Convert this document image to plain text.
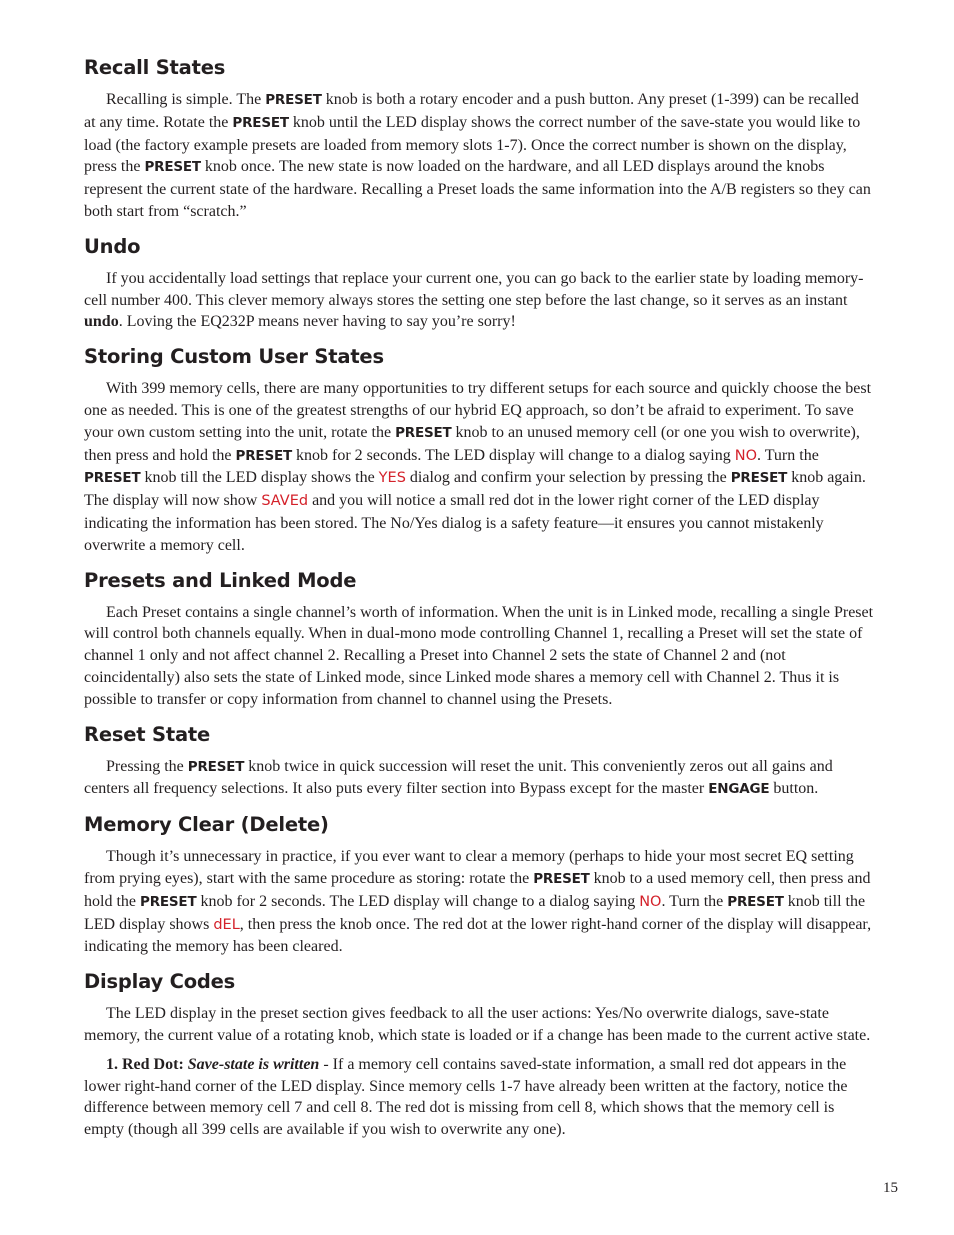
Recall States

Recalling is simple. The PRESET knob is both a rotary encoder and a push button. Any preset (1-399) can be recalled at any time. Rotate the PRESET knob until the LED display shows the correct number of the save-state you would like to load (the factory example presets are loaded from memory slots 1-7). Once the correct number is shown on the display, press the PRESET knob once. The new state is now loaded on the hardware, and all LED displays around the knobs represent the current state of the hardware. Recalling a Preset loads the same information into the A/B registers so they can both start from “scratch.”

Undo

If you accidentally load settings that replace your current one, you can go back to the earlier state by loading memory-cell number 400. This clever memory always stores the setting one step before the last change, so it serves as an instant undo. Loving the EQ232P means never having to say you’re sorry!

Storing Custom User States

With 399 memory cells, there are many opportunities to try different setups for each source and quickly choose the best one as needed. This is one of the greatest strengths of our hybrid EQ approach, so don’t be afraid to experiment. To save your own custom setting into the unit, rotate the PRESET knob to an unused memory cell (or one you wish to overwrite), then press and hold the PRESET knob for 2 seconds. The LED display will change to a dialog saying NO. Turn the PRESET knob till the LED display shows the YES dialog and confirm your selection by pressing the PRESET knob again. The display will now show SAVEd and you will notice a small red dot in the lower right corner of the LED display indicating the information has been stored. The No/Yes dialog is a safety feature—it ensures you cannot mistakenly overwrite a memory cell.

Presets and Linked Mode

Each Preset contains a single channel’s worth of information. When the unit is in Linked mode, recalling a single Preset will control both channels equally. When in dual-mono mode controlling Channel 1, recalling a Preset will set the state of channel 1 only and not affect channel 2. Recalling a Preset into Channel 2 sets the state of Channel 2 and (not coincidentally) also sets the state of Linked mode, since Linked mode shares a memory cell with Channel 2. Thus it is possible to transfer or copy information from channel to channel using the Presets.

Reset State

Pressing the PRESET knob twice in quick succession will reset the unit. This conveniently zeros out all gains and centers all frequency selections. It also puts every filter section into Bypass except for the master ENGAGE button.

Memory Clear (Delete)

Though it’s unnecessary in practice, if you ever want to clear a memory (perhaps to hide your most secret EQ setting from prying eyes), start with the same procedure as storing: rotate the PRESET knob to a used memory cell, then press and hold the PRESET knob for 2 seconds. The LED display will change to a dialog saying NO. Turn the PRESET knob till the LED display shows dEL, then press the knob once. The red dot at the lower right-hand corner of the display will disappear, indicating the memory has been cleared.

Display Codes

The LED display in the preset section gives feedback to all the user actions: Yes/No overwrite dialogs, save-state memory, the current value of a rotating knob, which state is loaded or if a change has been made to the current active state.

1. Red Dot: Save-state is written - If a memory cell contains saved-state information, a small red dot appears in the lower right-hand corner of the LED display. Since memory cells 1-7 have already been written at the factory, notice the difference between memory cell 7 and cell 8. The red dot is missing from cell 8, which shows that the memory cell is empty (though all 399 cells are available if you wish to overwrite any one).

15
